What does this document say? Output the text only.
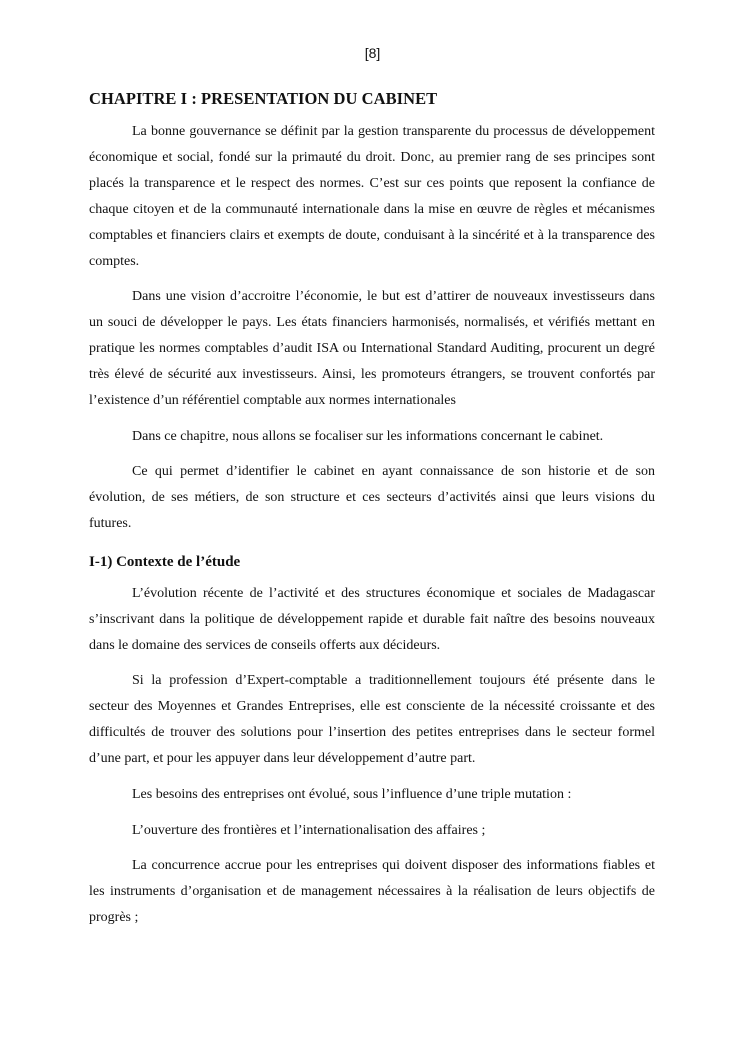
[8]

CHAPITRE I : PRESENTATION DU CABINET

La bonne gouvernance se définit par la gestion transparente du processus de développement économique et social, fondé sur la primauté du droit. Donc, au premier rang de ses principes sont placés la transparence et le respect des normes. C’est sur ces points que reposent la confiance de chaque citoyen et de la communauté internationale dans la mise en œuvre de règles et mécanismes comptables et financiers clairs et exempts de doute, conduisant à la sincérité et à la transparence des comptes.

Dans une vision d’accroitre l’économie, le but est d’attirer de nouveaux investisseurs dans un souci de développer le pays. Les états financiers harmonisés, normalisés, et vérifiés mettant en pratique les normes comptables d’audit ISA ou International Standard Auditing, procurent un degré très élevé de sécurité aux investisseurs. Ainsi, les promoteurs étrangers, se trouvent confortés par l’existence d’un référentiel comptable aux normes internationales

Dans ce chapitre, nous allons se focaliser sur les informations concernant le cabinet.

Ce qui permet d’identifier le cabinet en ayant connaissance de son historie et de son évolution, de ses métiers, de son structure et ces secteurs d’activités ainsi que leurs visions du futures.

I-1) Contexte de l’étude

L’évolution récente de l’activité et des structures économique et sociales de Madagascar s’inscrivant dans la politique de développement rapide et durable fait naître des besoins nouveaux dans le domaine des services de conseils offerts aux décideurs.

Si la profession d’Expert-comptable a traditionnellement toujours été présente dans le secteur des Moyennes et Grandes Entreprises, elle est consciente de la nécessité croissante et des difficultés de trouver des solutions pour l’insertion des petites entreprises dans le secteur formel d’une part, et pour les appuyer dans leur développement d’autre part.

Les besoins des entreprises ont évolué, sous l’influence d’une triple mutation :

L’ouverture des frontières et l’internationalisation des affaires ;

La concurrence accrue pour les entreprises qui doivent disposer des informations fiables et les instruments d’organisation et de management nécessaires à la réalisation de leurs objectifs de progrès ;
